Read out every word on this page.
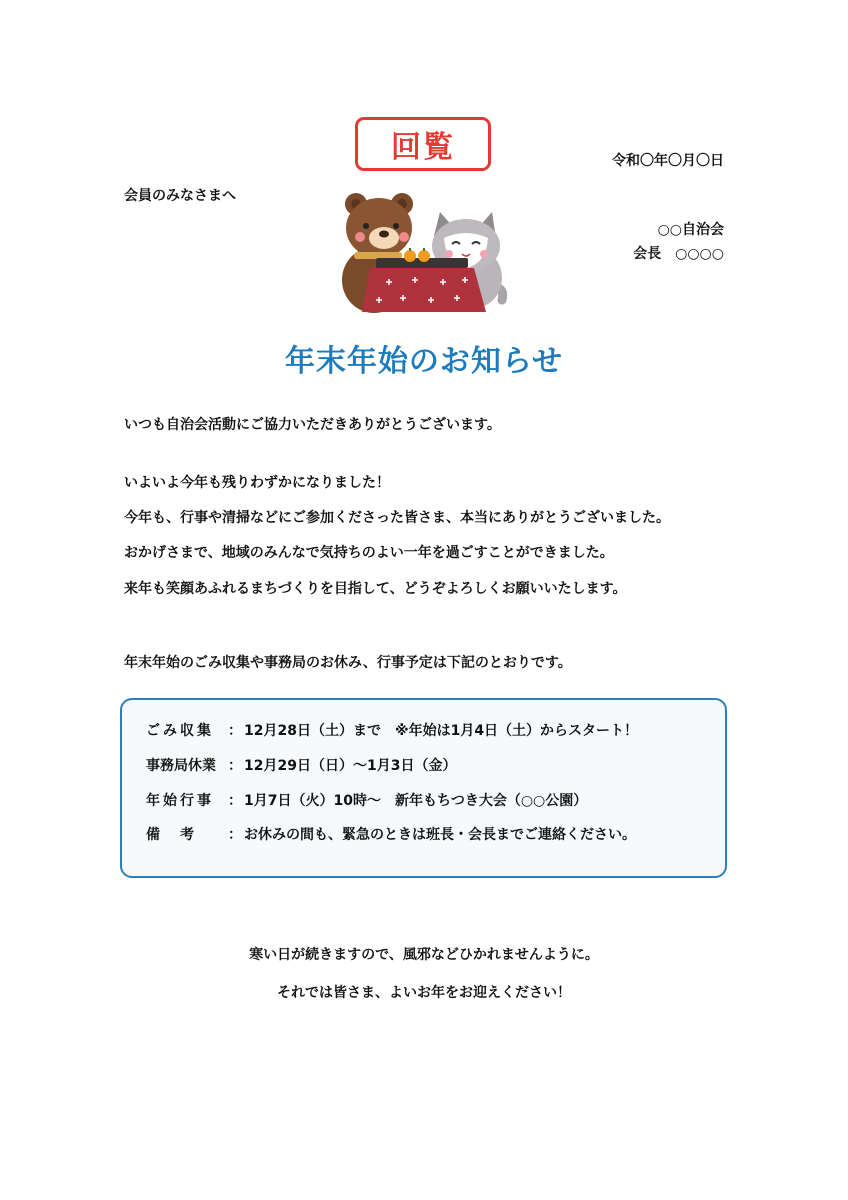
回覧	令和〇年〇月〇日
会員のみなさまへ
○○自治会
会長 ○○○○
年末年始のお知らせ
いつも自治会活動にご協力いただきありがとうございます。
いよいよ今年も残りわずかになりました！
今年も、行事や清掃などにご参加くださった皆さま、本当にありがとうございました。
おかげさまで、地域のみんなで気持ちのよい一年を過ごすことができました。
来年も笑顔あふれるまちづくりを目指して、どうぞよろしくお願いいたします。
年末年始のごみ収集や事務局のお休み、行事予定は下記のとおりです。
ごみ収集	： 12月28日（土）まで　※年始は1月4日（土）からスタート！
事務局休業 ： 12月29日（日）～1月3日（金）
年始行事	： 1月7日（火）10時～　新年もちつき大会（○○公園）
備　考	： お休みの間も、緊急のときは班長・会長までご連絡ください。
寒い日が続きますので、風邪などひかれませんように。
それでは皆さま、よいお年をお迎えください！
